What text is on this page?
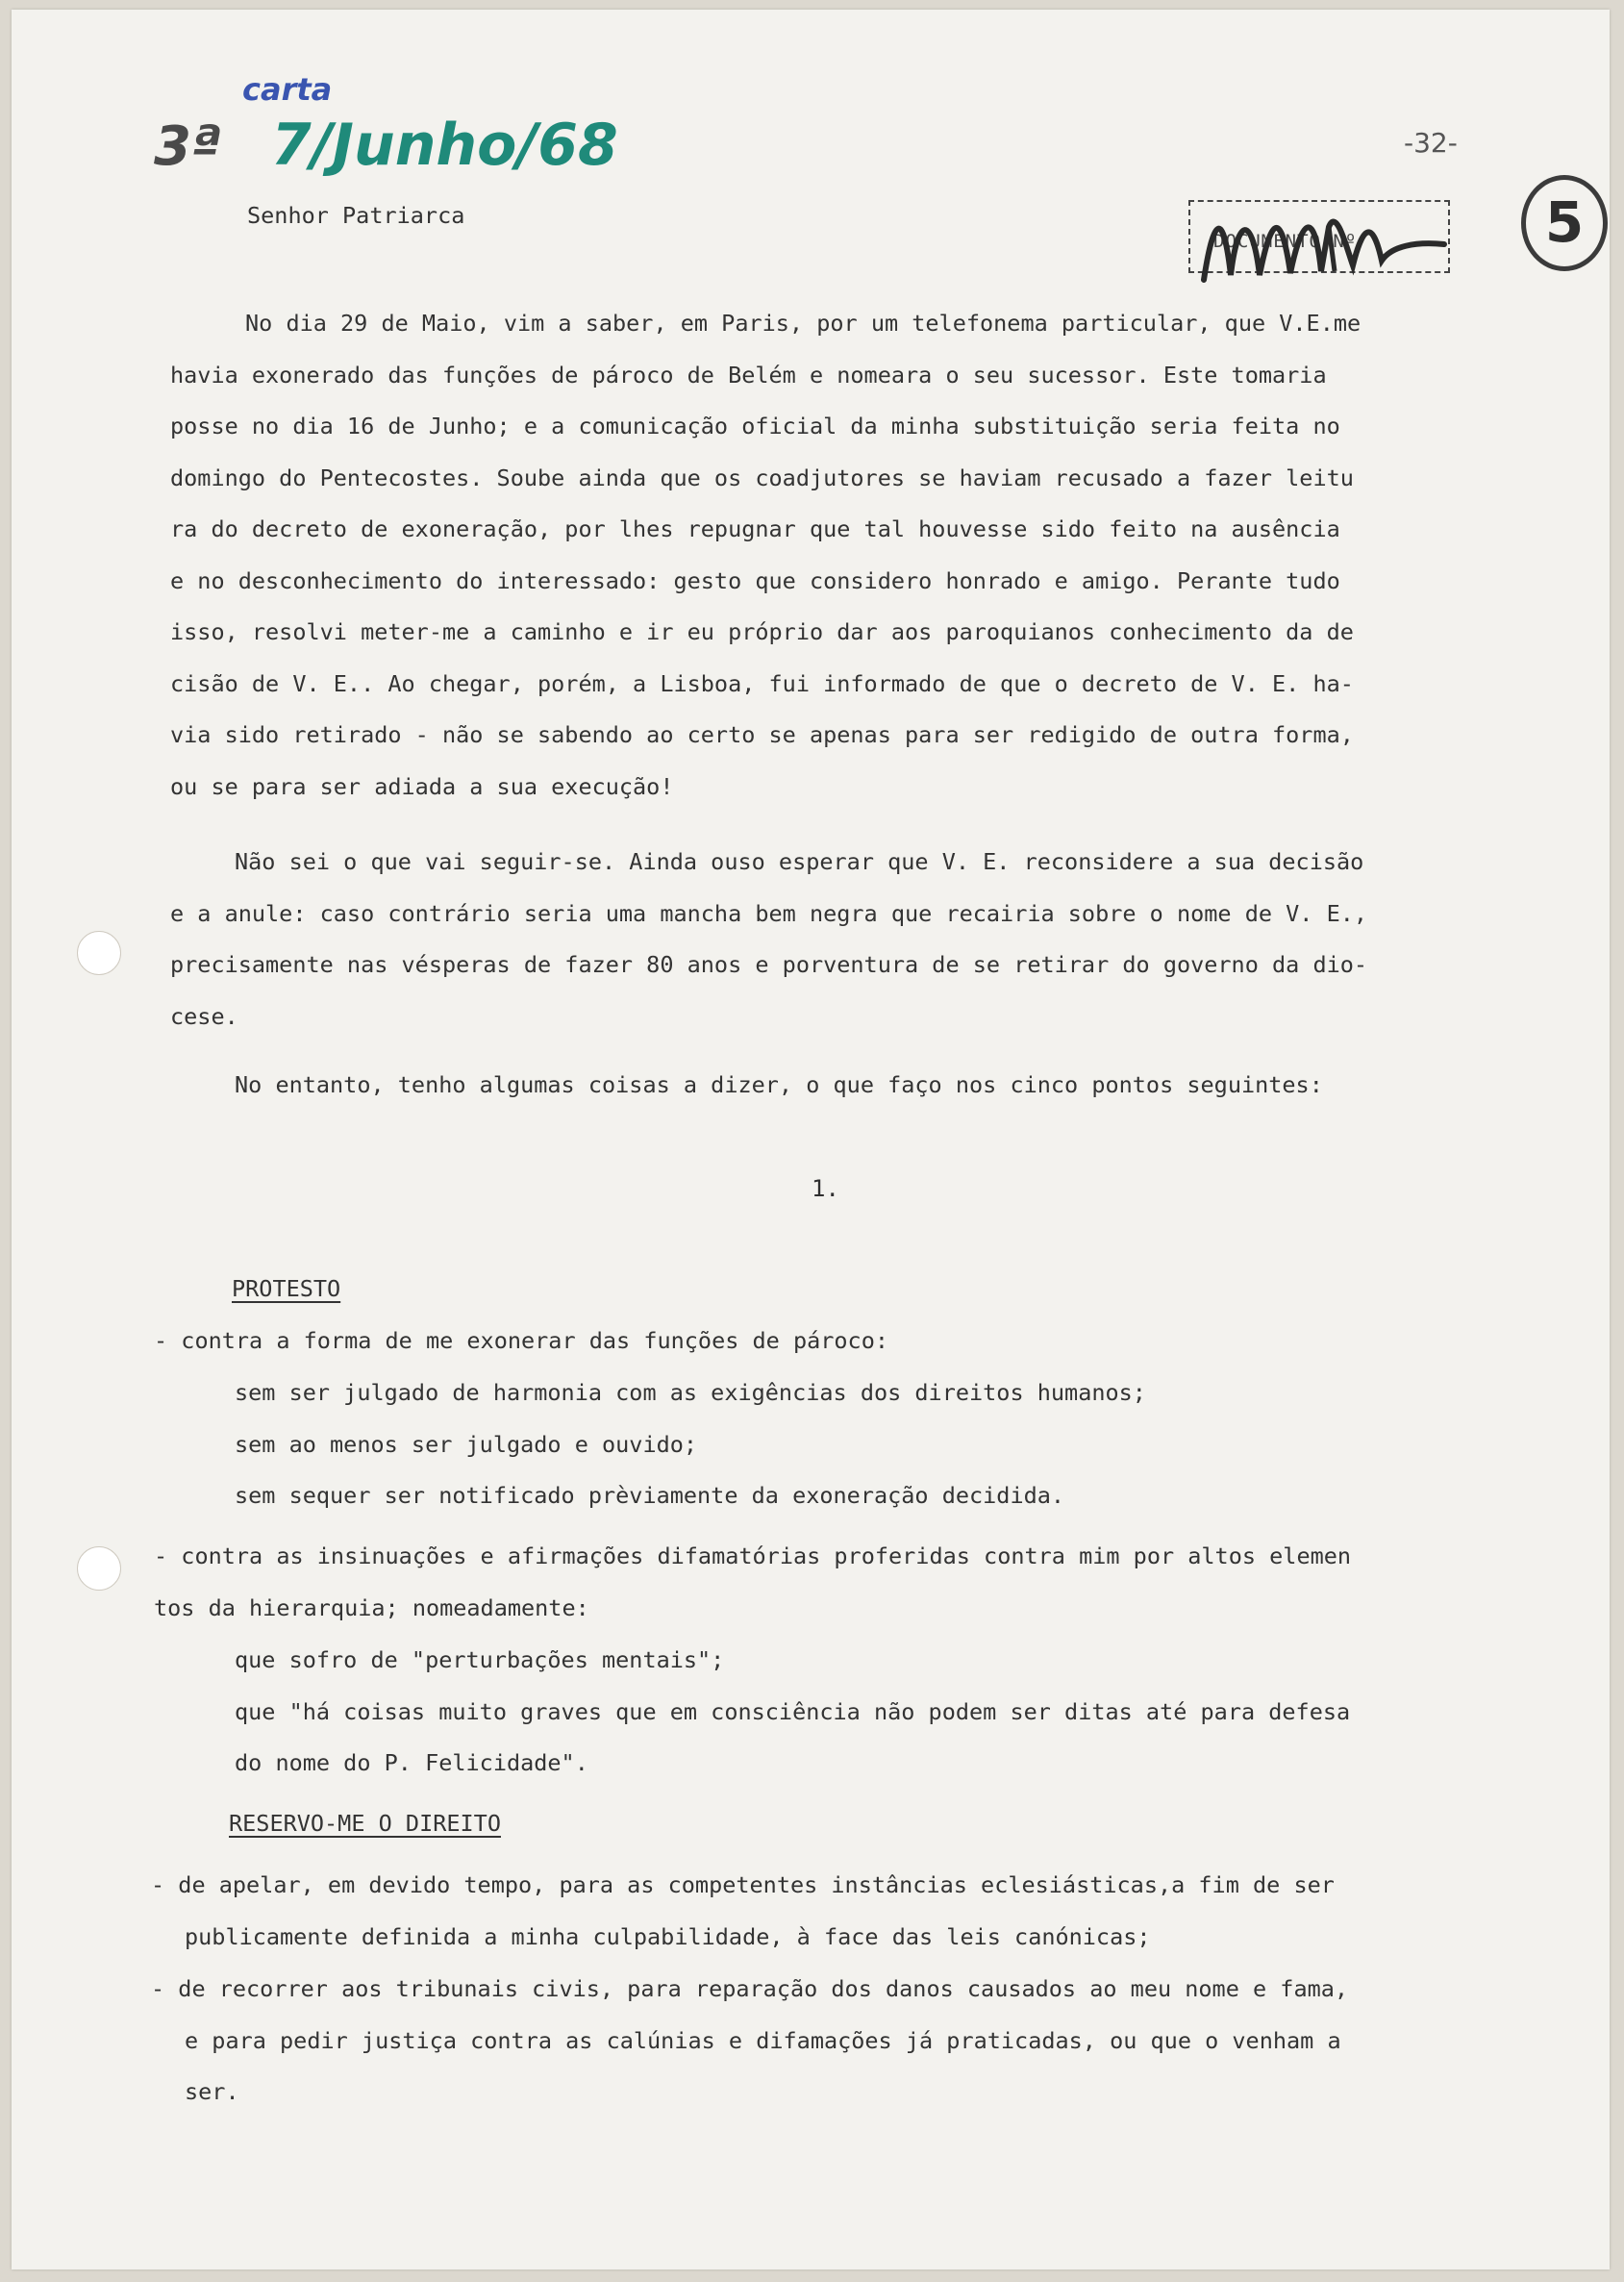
carta
3ª 7/Junho/68	-32-
5
DOCUMENTO Nº
Senhor Patriarca
No dia 29 de Maio, vim a saber, em Paris, por um telefonema particular, que V.E.me
havia exonerado das funções de pároco de Belém e nomeara o seu sucessor. Este tomaria
posse no dia 16 de Junho; e a comunicação oficial da minha substituição seria feita no
domingo do Pentecostes. Soube ainda que os coadjutores se haviam recusado a fazer leitu
ra do decreto de exoneração, por lhes repugnar que tal houvesse sido feito na ausência
e no desconhecimento do interessado: gesto que considero honrado e amigo. Perante tudo
isso, resolvi meter-me a caminho e ir eu próprio dar aos paroquianos conhecimento da de
cisão de V. E.. Ao chegar, porém, a Lisboa, fui informado de que o decreto de V. E. ha-
via sido retirado - não se sabendo ao certo se apenas para ser redigido de outra forma,
ou se para ser adiada a sua execução!
Não sei o que vai seguir-se. Ainda ouso esperar que V. E. reconsidere a sua decisão
e a anule: caso contrário seria uma mancha bem negra que recairia sobre o nome de V. E.,
precisamente nas vésperas de fazer 80 anos e porventura de se retirar do governo da dio-
cese.
No entanto, tenho algumas coisas a dizer, o que faço nos cinco pontos seguintes:
1.
PROTESTO
- contra a forma de me exonerar das funções de pároco:
sem ser julgado de harmonia com as exigências dos direitos humanos;
sem ao menos ser julgado e ouvido;
sem sequer ser notificado prèviamente da exoneração decidida.
- contra as insinuações e afirmações difamatórias proferidas contra mim por altos elemen
tos da hierarquia; nomeadamente:
que sofro de "perturbações mentais";
que "há coisas muito graves que em consciência não podem ser ditas até para defesa
do nome do P. Felicidade".
RESERVO-ME O DIREITO
- de apelar, em devido tempo, para as competentes instâncias eclesiásticas,a fim de ser
publicamente definida a minha culpabilidade, à face das leis canónicas;
- de recorrer aos tribunais civis, para reparação dos danos causados ao meu nome e fama,
e para pedir justiça contra as calúnias e difamações já praticadas, ou que o venham a
ser.
